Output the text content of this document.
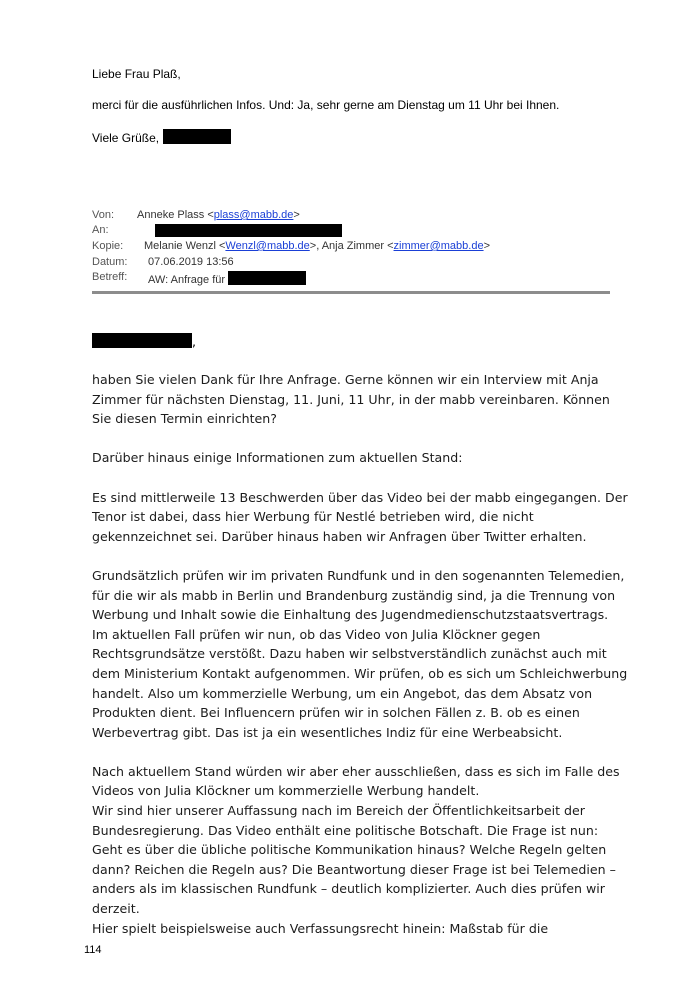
Liebe Frau Plaß,
merci für die ausführlichen Infos. Und: Ja, sehr gerne am Dienstag um 11 Uhr bei Ihnen.
Viele Grüße,
Von: Anneke Plass <plass@mabb.de>
An:
Kopie: Melanie Wenzl <Wenzl@mabb.de>, Anja Zimmer <zimmer@mabb.de>
Datum: 07.06.2019 13:56
Betreff: AW: Anfrage für
,

haben Sie vielen Dank für Ihre Anfrage. Gerne können wir ein Interview mit Anja Zimmer für nächsten Dienstag, 11. Juni, 11 Uhr, in der mabb vereinbaren. Können Sie diesen Termin einrichten?

Darüber hinaus einige Informationen zum aktuellen Stand:

Es sind mittlerweile 13 Beschwerden über das Video bei der mabb eingegangen. Der Tenor ist dabei, dass hier Werbung für Nestlé betrieben wird, die nicht gekennzeichnet sei. Darüber hinaus haben wir Anfragen über Twitter erhalten.

Grundsätzlich prüfen wir im privaten Rundfunk und in den sogenannten Telemedien, für die wir als mabb in Berlin und Brandenburg zuständig sind, ja die Trennung von Werbung und Inhalt sowie die Einhaltung des Jugendmedienschutzstaatsvertrags.

Im aktuellen Fall prüfen wir nun, ob das Video von Julia Klöckner gegen Rechtsgrundsätze verstößt. Dazu haben wir selbstverständlich zunächst auch mit dem Ministerium Kontakt aufgenommen. Wir prüfen, ob es sich um Schleichwerbung handelt. Also um kommerzielle Werbung, um ein Angebot, das dem Absatz von Produkten dient. Bei Influencern prüfen wir in solchen Fällen z. B. ob es einen Werbevertrag gibt. Das ist ja ein wesentliches Indiz für eine Werbeabsicht.

Nach aktuellem Stand würden wir aber eher ausschließen, dass es sich im Falle des Videos von Julia Klöckner um kommerzielle Werbung handelt.

Wir sind hier unserer Auffassung nach im Bereich der Öffentlichkeitsarbeit der Bundesregierung. Das Video enthält eine politische Botschaft. Die Frage ist nun: Geht es über die übliche politische Kommunikation hinaus? Welche Regeln gelten dann? Reichen die Regeln aus? Die Beantwortung dieser Frage ist bei Telemedien – anders als im klassischen Rundfunk – deutlich komplizierter. Auch dies prüfen wir derzeit.

Hier spielt beispielsweise auch Verfassungsrecht hinein: Maßstab für die

114
